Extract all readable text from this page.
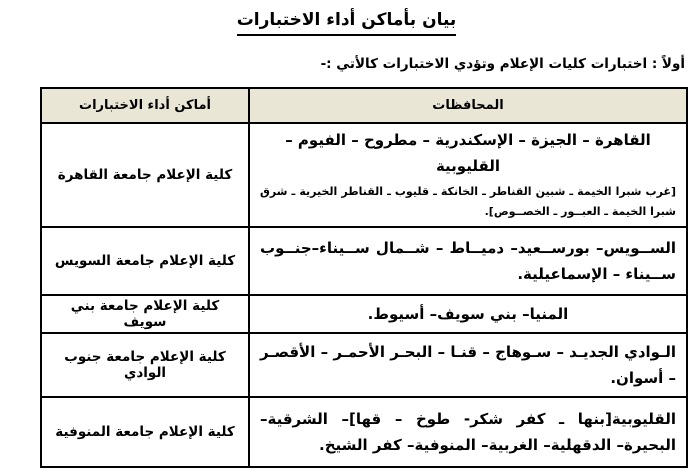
بيان بأماكن أداء الاختبارات

أولاً : اختبارات كليات الإعلام وتؤدي الاختبارات كالأتي :-

المحافظات	أماكن أداء الاختبارات

القاهرة – الجيزة – الإسكندرية – مطروح – الفيوم – القليوبية
[غرب شبرا الخيمة ـ شبين القناطر ـ الخانكة ـ قليوب ـ القناطر الخيرية ـ شرق شبرا الخيمة ـ العبــور ـ الخصــوص].	كلية الإعلام جامعة القاهرة

الســويس– بورســعيد– دميــاط – شــمال ســيناء–جنــوب ســيناء – الإسماعيلية.	كلية الإعلام جامعة السويس

المنيا– بني سويف– أسيوط.	كلية الإعلام جامعة بني سويف

الـوادي الجديـد – سـوهاج – قنـا – البحـر الأحمـر – الأقصـر – أسوان.	كلية الإعلام جامعة جنوب الوادي

القليوبية[بنها ـ كفر شكر- طوخ – قها]– الشرقية– البحيرة– الدقهلية– الغربية– المنوفية– كفر الشيخ.	كلية الإعلام جامعة المنوفية
